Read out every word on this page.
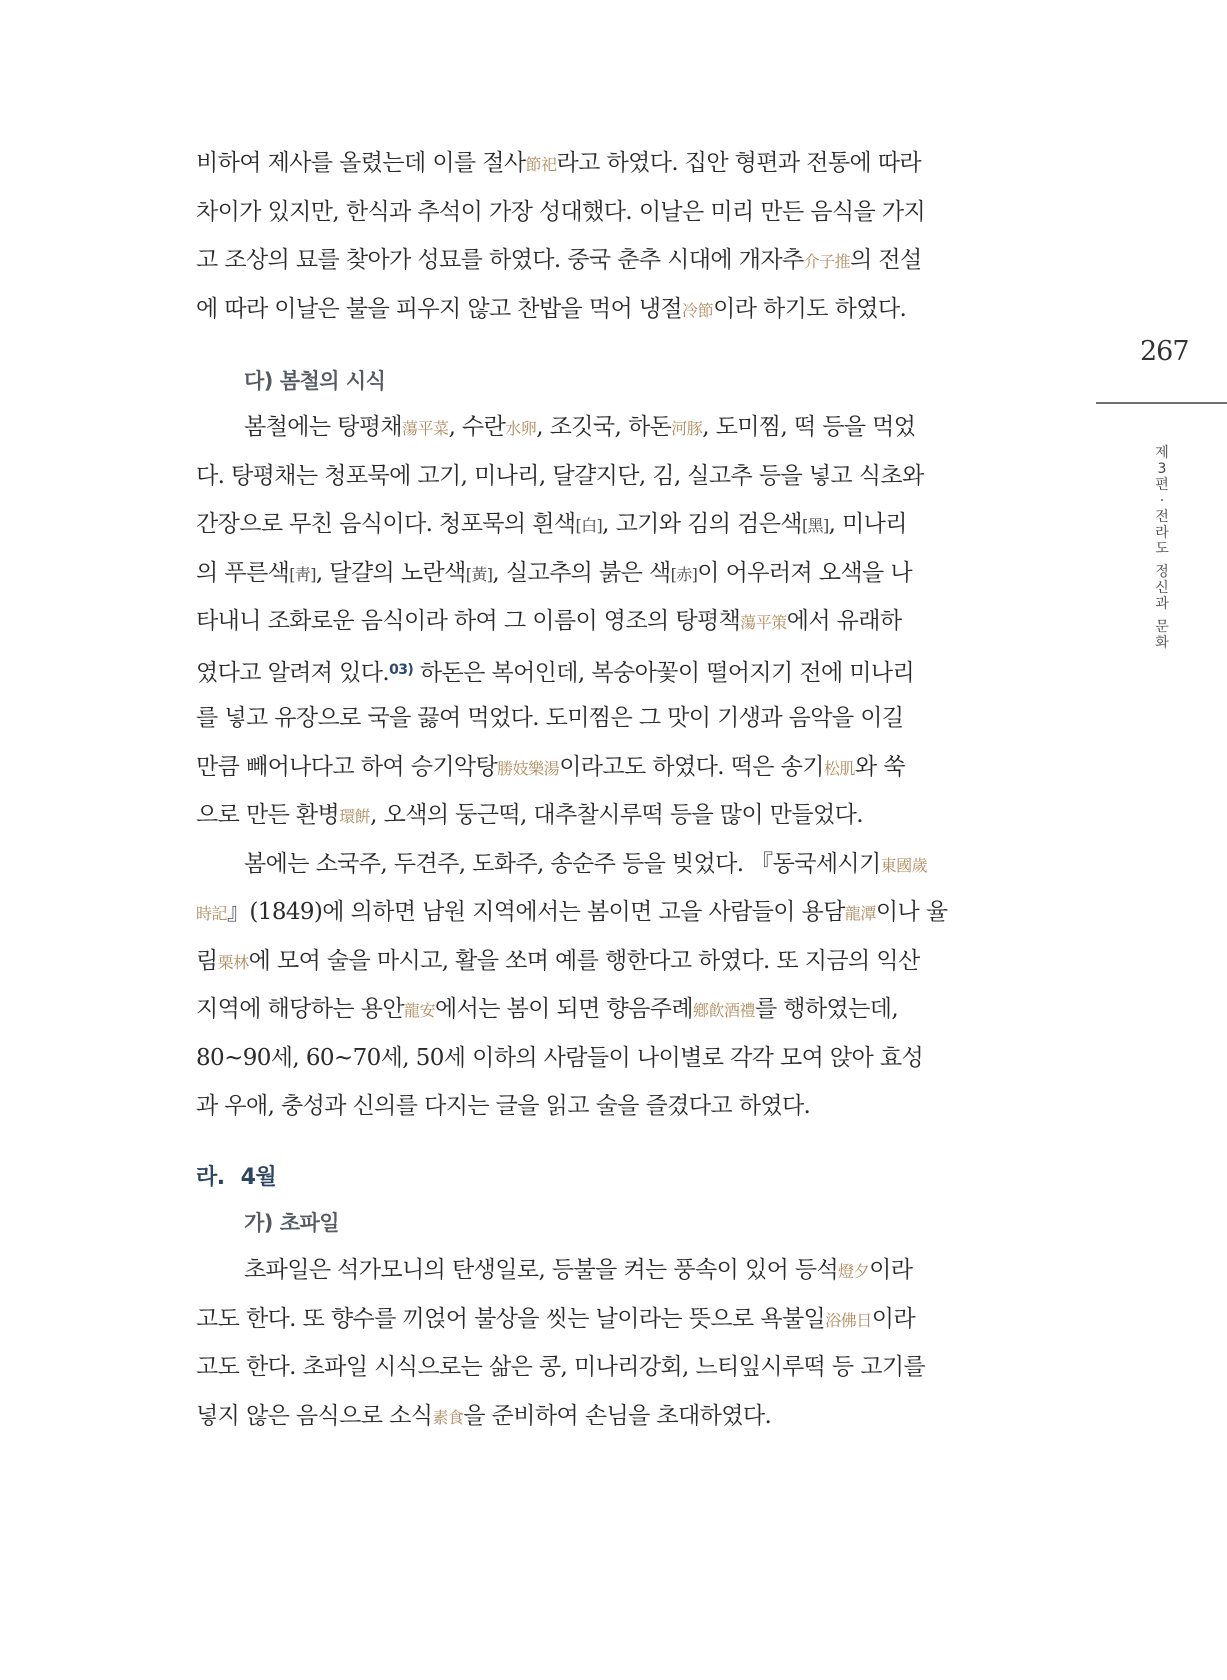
267
제
3
편
·
전
라
도
정
신
과
문
화
비하여 제사를 올렸는데 이를 절사節祀라고 하였다. 집안 형편과 전통에 따라
차이가 있지만, 한식과 추석이 가장 성대했다. 이날은 미리 만든 음식을 가지
고 조상의 묘를 찾아가 성묘를 하였다. 중국 춘추 시대에 개자추介子推의 전설
에 따라 이날은 불을 피우지 않고 찬밥을 먹어 냉절冷節이라 하기도 하였다.
다) 봄철의 시식
봄철에는 탕평채蕩平菜, 수란水卵, 조깃국, 하돈河豚, 도미찜, 떡 등을 먹었
다. 탕평채는 청포묵에 고기, 미나리, 달걀지단, 김, 실고추 등을 넣고 식초와
간장으로 무친 음식이다. 청포묵의 흰색[白], 고기와 김의 검은색[黑], 미나리
의 푸른색[靑], 달걀의 노란색[黃], 실고추의 붉은 색[赤]이 어우러져 오색을 나
타내니 조화로운 음식이라 하여 그 이름이 영조의 탕평책蕩平策에서 유래하
였다고 알려져 있다.$^{03)}$ 하돈은 복어인데, 복숭아꽃이 떨어지기 전에 미나리
를 넣고 유장으로 국을 끓여 먹었다. 도미찜은 그 맛이 기생과 음악을 이길
만큼 빼어나다고 하여 승기악탕勝妓樂湯이라고도 하였다. 떡은 송기松肌와 쑥
으로 만든 환병環餠, 오색의 둥근떡, 대추찰시루떡 등을 많이 만들었다.
봄에는 소국주, 두견주, 도화주, 송순주 등을 빚었다. 『동국세시기東國歲
時記』(1849)에 의하면 남원 지역에서는 봄이면 고을 사람들이 용담龍潭이나 율
림栗林에 모여 술을 마시고, 활을 쏘며 예를 행한다고 하였다. 또 지금의 익산
지역에 해당하는 용안龍安에서는 봄이 되면 향음주례鄕飮酒禮를 행하였는데,
80~90세, 60~70세, 50세 이하의 사람들이 나이별로 각각 모여 앉아 효성
과 우애, 충성과 신의를 다지는 글을 읽고 술을 즐겼다고 하였다.
라. 4월
가) 초파일
초파일은 석가모니의 탄생일로, 등불을 켜는 풍속이 있어 등석燈夕이라
고도 한다. 또 향수를 끼얹어 불상을 씻는 날이라는 뜻으로 욕불일浴佛日이라
고도 한다. 초파일 시식으로는 삶은 콩, 미나리강회, 느티잎시루떡 등 고기를
넣지 않은 음식으로 소식素食을 준비하여 손님을 초대하였다.
